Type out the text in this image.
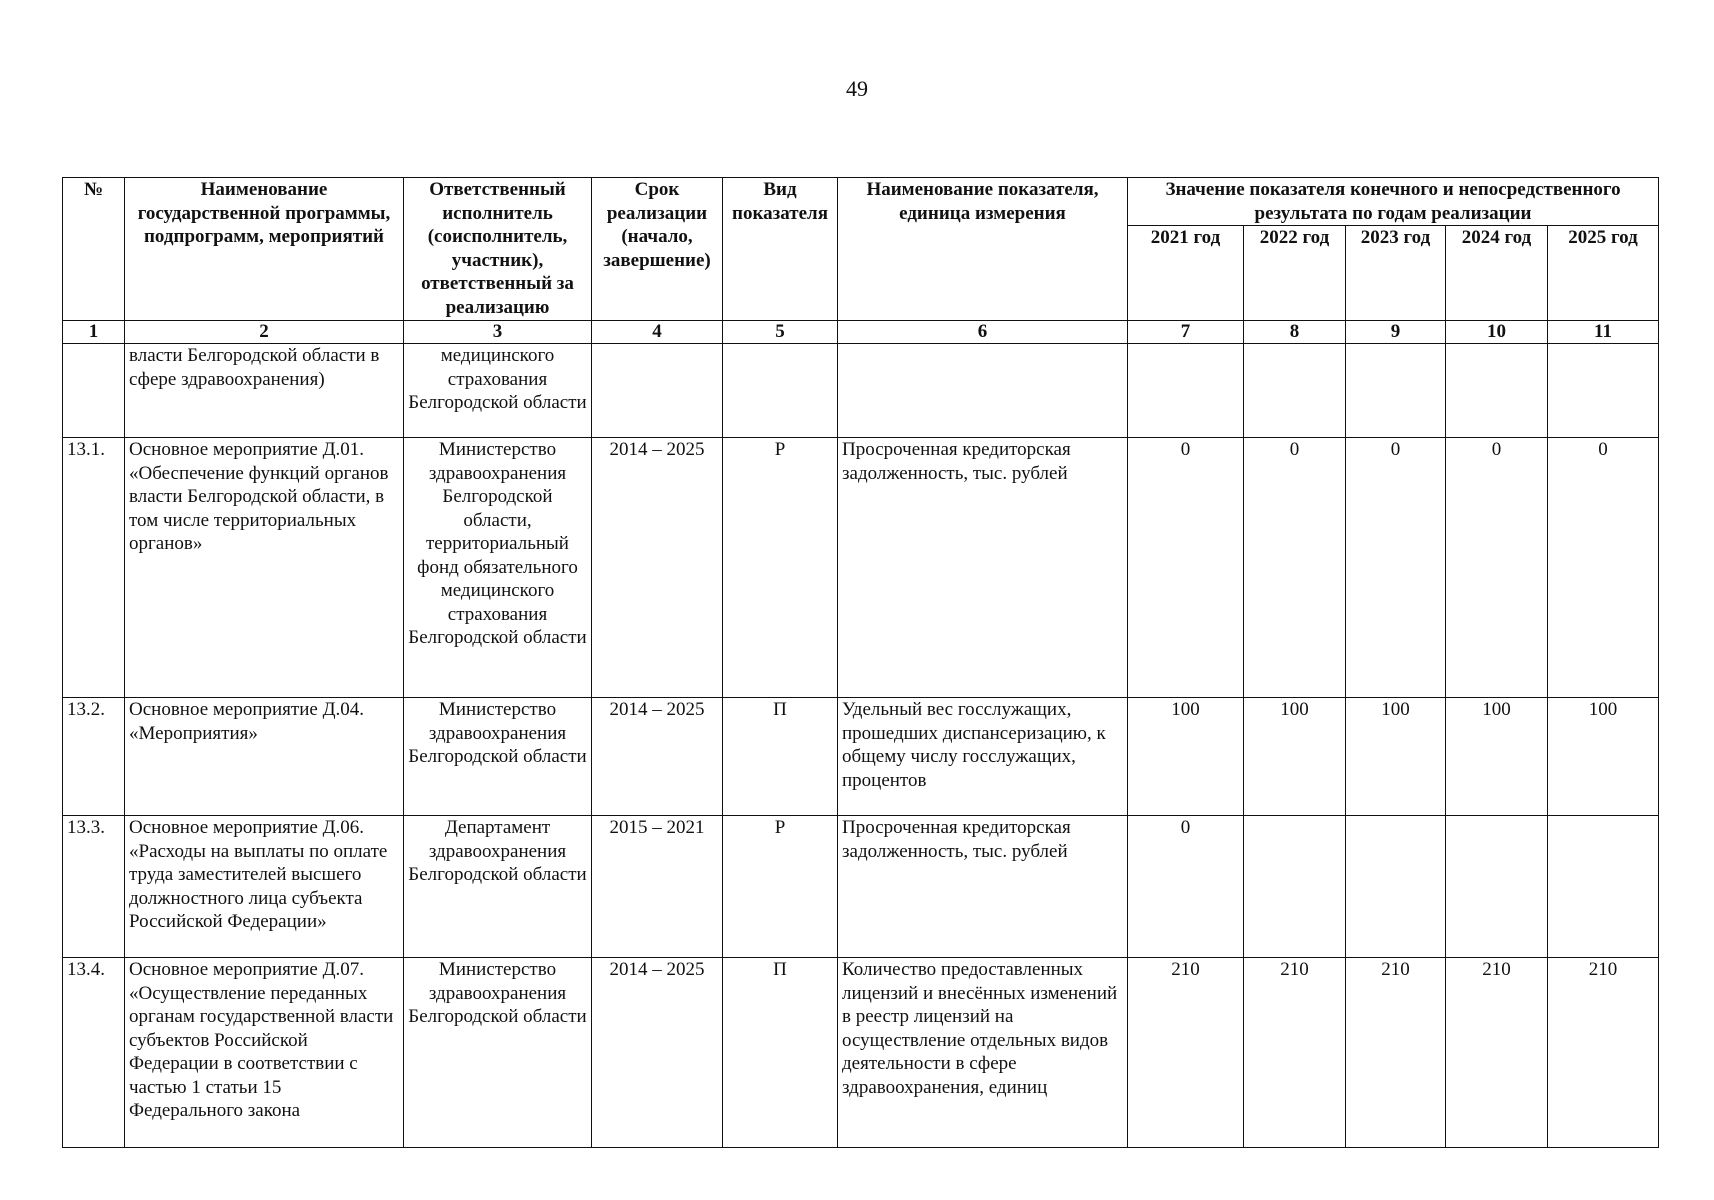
49
№	Наименование государственной программы, подпрограмм, мероприятий	Ответственный исполнитель (соисполнитель, участник), ответственный за реализацию	Срок реализации (начало, завершение)	Вид показателя	Наименование показателя, единица измерения	Значение показателя конечного и непосредственного результата по годам реализации				
						2021 год	2022 год	2023 год	2024 год	2025 год
1	2	3	4	5	6	7	8	9	10	11
	власти Белгородской области в сфере здравоохранения)	медицинского страхования Белгородской области								
13.1.	Основное мероприятие Д.01. «Обеспечение функций органов власти Белгородской области, в том числе территориальных органов»	Министерство здравоохранения Белгородской области, территориальный фонд обязательного медицинского страхования Белгородской области	2014 – 2025	Р	Просроченная кредиторская задолженность, тыс. рублей	0	0	0	0	0
13.2.	Основное мероприятие Д.04. «Мероприятия»	Министерство здравоохранения Белгородской области	2014 – 2025	П	Удельный вес госслужащих, прошедших диспансеризацию, к общему числу госслужащих, процентов	100	100	100	100	100
13.3.	Основное мероприятие Д.06. «Расходы на выплаты по оплате труда заместителей высшего должностного лица субъекта Российской Федерации»	Департамент здравоохранения Белгородской области	2015 – 2021	Р	Просроченная кредиторская задолженность, тыс. рублей	0				
13.4.	Основное мероприятие Д.07. «Осуществление переданных органам государственной власти субъектов Российской Федерации в соответствии с частью 1 статьи 15 Федерального закона	Министерство здравоохранения Белгородской области	2014 – 2025	П	Количество предоставленных лицензий и внесённых изменений в реестр лицензий на осуществление отдельных видов деятельности в сфере здравоохранения, единиц	210	210	210	210	210
